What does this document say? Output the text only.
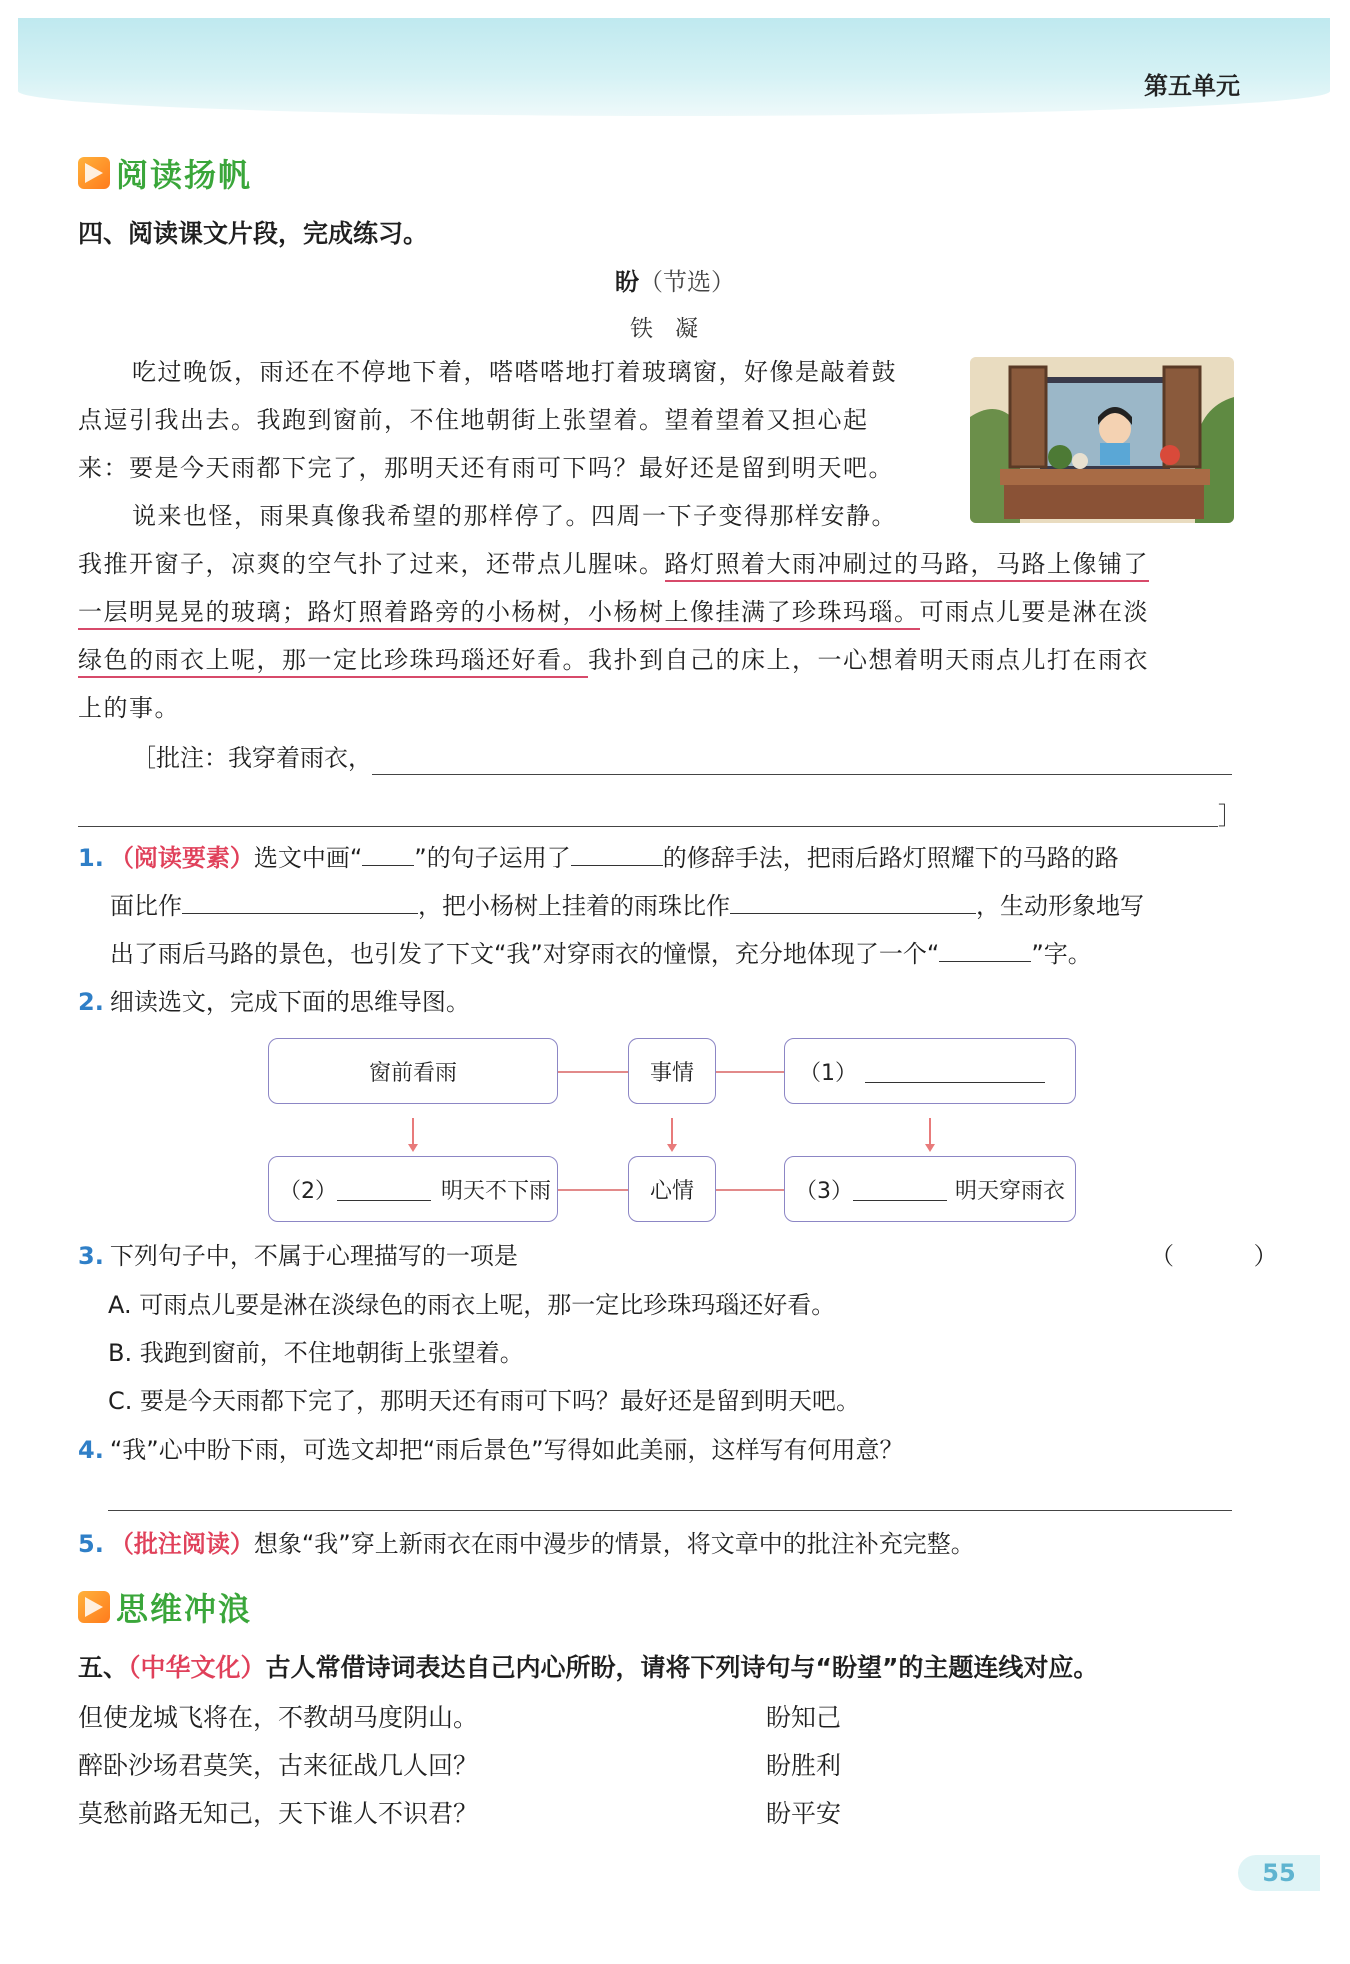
第五单元
阅读扬帆
四、阅读课文片段，完成练习。
盼（节选）
铁凝
吃过晚饭，雨还在不停地下着，嗒嗒嗒地打着玻璃窗，好像是敲着鼓
点逗引我出去。我跑到窗前，不住地朝街上张望着。望着望着又担心起
来：要是今天雨都下完了，那明天还有雨可下吗？最好还是留到明天吧。
说来也怪，雨果真像我希望的那样停了。四周一下子变得那样安静。
我推开窗子，凉爽的空气扑了过来，还带点儿腥味。路灯照着大雨冲刷过的马路，马路上像铺了
一层明晃晃的玻璃；路灯照着路旁的小杨树，小杨树上像挂满了珍珠玛瑙。可雨点儿要是淋在淡
绿色的雨衣上呢，那一定比珍珠玛瑙还好看。我扑到自己的床上，一心想着明天雨点儿打在雨衣
上的事。
［批注：我穿着雨衣，
］
1. （阅读要素）选文中画“ ”的句子运用了	的修辞手法，把雨后路灯照耀下的马路的路
面比作	，把小杨树上挂着的雨珠比作	，生动形象地写
出了雨后马路的景色，也引发了下文“我”对穿雨衣的憧憬，充分地体现了一个“	”字。
2. 细读选文，完成下面的思维导图。
窗前看雨	事情	（1）
（2）	明天不下雨	心情	（3）	明天穿雨衣
3. 下列句子中，不属于心理描写的一项是	（ ）
A. 可雨点儿要是淋在淡绿色的雨衣上呢，那一定比珍珠玛瑙还好看。
B. 我跑到窗前，不住地朝街上张望着。
C. 要是今天雨都下完了，那明天还有雨可下吗？最好还是留到明天吧。
4. “我”心中盼下雨，可选文却把“雨后景色”写得如此美丽，这样写有何用意？
5. （批注阅读）想象“我”穿上新雨衣在雨中漫步的情景，将文章中的批注补充完整。
思维冲浪
五、（中华文化）古人常借诗词表达自己内心所盼，请将下列诗句与“盼望”的主题连线对应。
但使龙城飞将在，不教胡马度阴山。
醉卧沙场君莫笑，古来征战几人回？
莫愁前路无知己，天下谁人不识君？
盼知己
盼胜利
盼平安
55
